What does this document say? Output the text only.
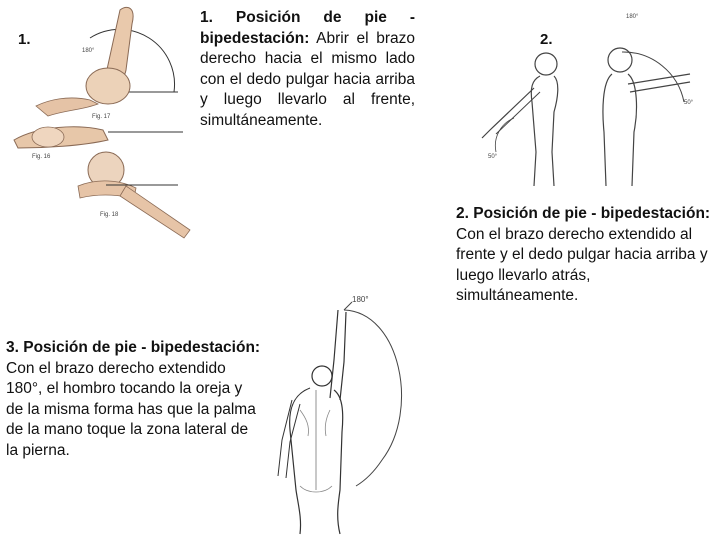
1.
180°
Fig. 17
Fig. 16
Fig. 18
1. Posición de pie - bipedestación: Abrir el brazo derecho hacia el mismo lado con el dedo pulgar hacia arriba y luego llevarlo al frente, simultáneamente.
2.
50°
180°
50°
2. Posición de pie - bipedestación: Con el brazo derecho extendido al frente y el dedo pulgar hacia arriba y luego llevarlo atrás, simultáneamente.
3. Posición de pie - bipedestación: Con el brazo derecho extendido 180°, el hombro tocando la oreja y de la misma forma has que la palma de la mano toque la zona lateral de la pierna.
180°
